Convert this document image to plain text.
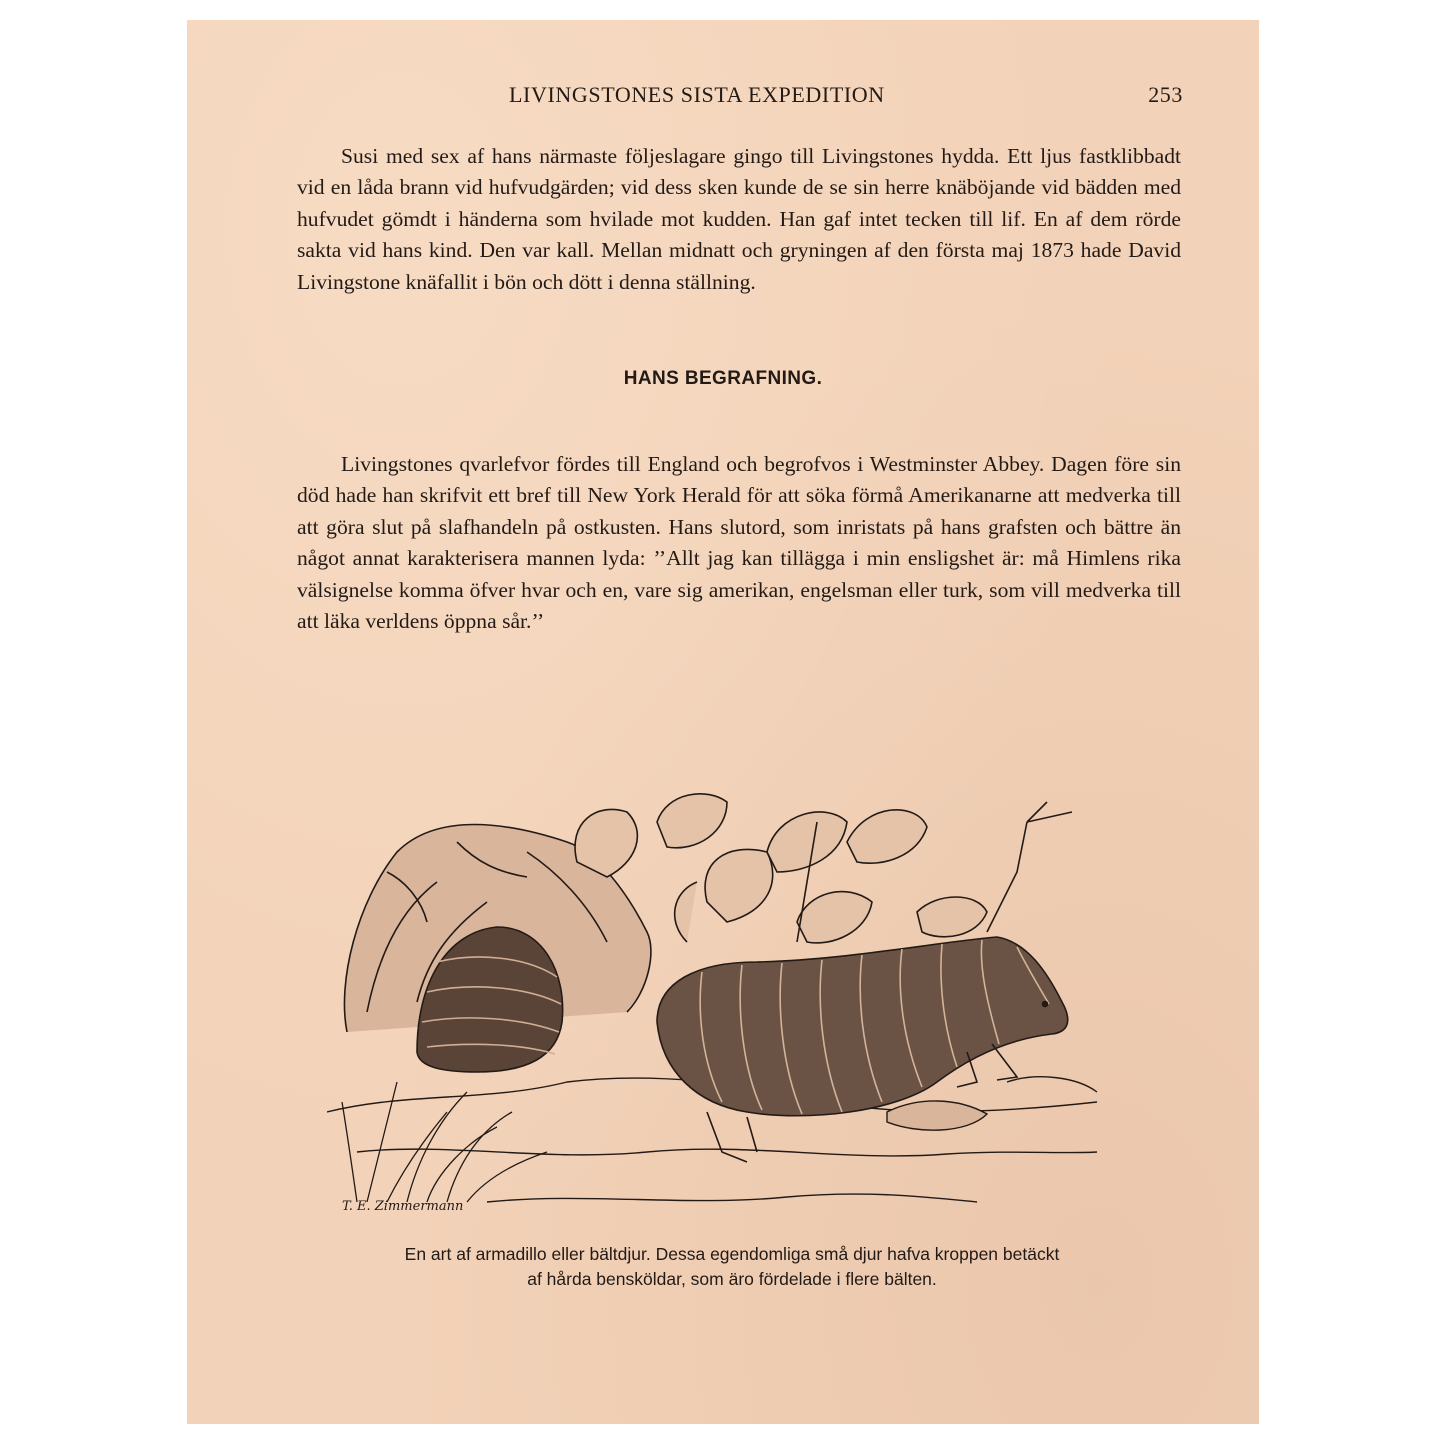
LIVINGSTONES SISTA EXPEDITION	253

Susi med sex af hans närmaste följeslagare gingo till Livingstones hydda. Ett ljus fastklibbadt vid en låda brann vid hufvudgärden; vid dess sken kunde de se sin herre knäböjande vid bädden med hufvudet gömdt i händerna som hvilade mot kudden. Han gaf intet tecken till lif. En af dem rörde sakta vid hans kind. Den var kall. Mellan midnatt och gryningen af den första maj 1873 hade David Livingstone knäfallit i bön och dött i denna ställning.

HANS BEGRAFNING.

Livingstones qvarlefvor fördes till England och begrofvos i Westminster Abbey. Dagen före sin död hade han skrifvit ett bref till New York Herald för att söka förmå Amerikanarne att medverka till att göra slut på slafhandeln på ostkusten. Hans slutord, som inristats på hans grafsten och bättre än något annat karakterisera mannen lyda: ’’Allt jag kan tillägga i min ensligshet är: må Himlens rika välsignelse komma öfver hvar och en, vare sig amerikan, engelsman eller turk, som vill medverka till att läka verldens öppna sår.’’

T. E. Zimmermann
En art af armadillo eller bältdjur. Dessa egendomliga små djur hafva kroppen betäckt
af hårda bensköldar, som äro fördelade i flere bälten.
